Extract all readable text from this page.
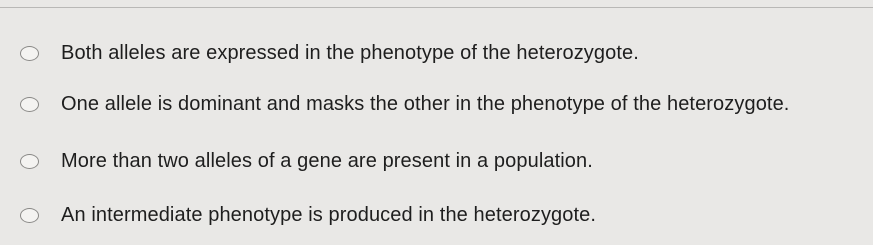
Both alleles are expressed in the phenotype of the heterozygote.
One allele is dominant and masks the other in the phenotype of the heterozygote.
More than two alleles of a gene are present in a population.
An intermediate phenotype is produced in the heterozygote.
